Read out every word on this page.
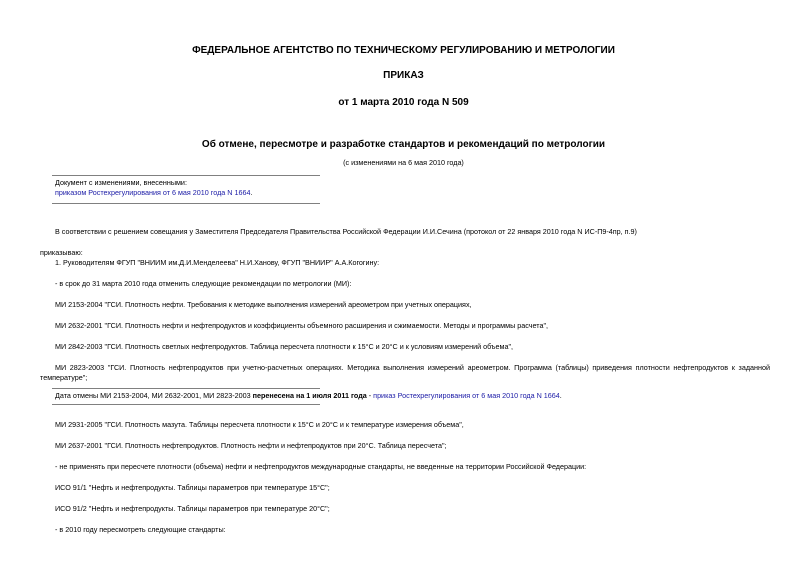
ФЕДЕРАЛЬНОЕ АГЕНТСТВО ПО ТЕХНИЧЕСКОМУ РЕГУЛИРОВАНИЮ И МЕТРОЛОГИИ
ПРИКАЗ
от 1 марта 2010 года N 509
Об отмене, пересмотре и разработке стандартов и рекомендаций по метрологии
(с изменениями на 6 мая 2010 года)
Документ с изменениями, внесенными:
приказом Ростехрегулирования от 6 мая 2010 года N 1664.
В соответствии с решением совещания у Заместителя Председателя Правительства Российской Федерации И.И.Сечина (протокол от 22 января 2010 года N ИС-П9-4пр, п.9)
приказываю:
1. Руководителям ФГУП "ВНИИМ им.Д.И.Менделеева" Н.И.Ханову, ФГУП "ВНИИР" А.А.Когогину:
- в срок до 31 марта 2010 года отменить следующие рекомендации по метрологии (МИ):
МИ 2153-2004 "ГСИ. Плотность нефти. Требования к методике выполнения измерений ареометром при учетных операциях,
МИ 2632-2001 "ГСИ. Плотность нефти и нефтепродуктов и коэффициенты объемного расширения и сжимаемости. Методы и программы расчета",
МИ 2842-2003 "ГСИ. Плотность светлых нефтепродуктов. Таблица пересчета плотности к 15°С и 20°С и к условиям измерений объема",
МИ 2823-2003 "ГСИ. Плотность нефтепродуктов при учетно-расчетных операциях. Методика выполнения измерений ареометром. Программа (таблицы) приведения плотности нефтепродуктов к заданной температуре";
Дата отмены МИ 2153-2004, МИ 2632-2001, МИ 2823-2003 перенесена на 1 июля 2011 года - приказ Ростехрегулирования от 6 мая 2010 года N 1664.
МИ 2931-2005 "ГСИ. Плотность мазута. Таблицы пересчета плотности к 15°С и 20°С и к температуре измерения объема",
МИ 2637-2001 "ГСИ. Плотность нефтепродуктов. Плотность нефти и нефтепродуктов при 20°С. Таблица пересчета";
- не применять при пересчете плотности (объема) нефти и нефтепродуктов международные стандарты, не введенные на территории Российской Федерации:
ИСО 91/1 "Нефть и нефтепродукты. Таблицы параметров при температуре 15°С";
ИСО 91/2 "Нефть и нефтепродукты. Таблицы параметров при температуре 20°С";
- в 2010 году пересмотреть следующие стандарты:
